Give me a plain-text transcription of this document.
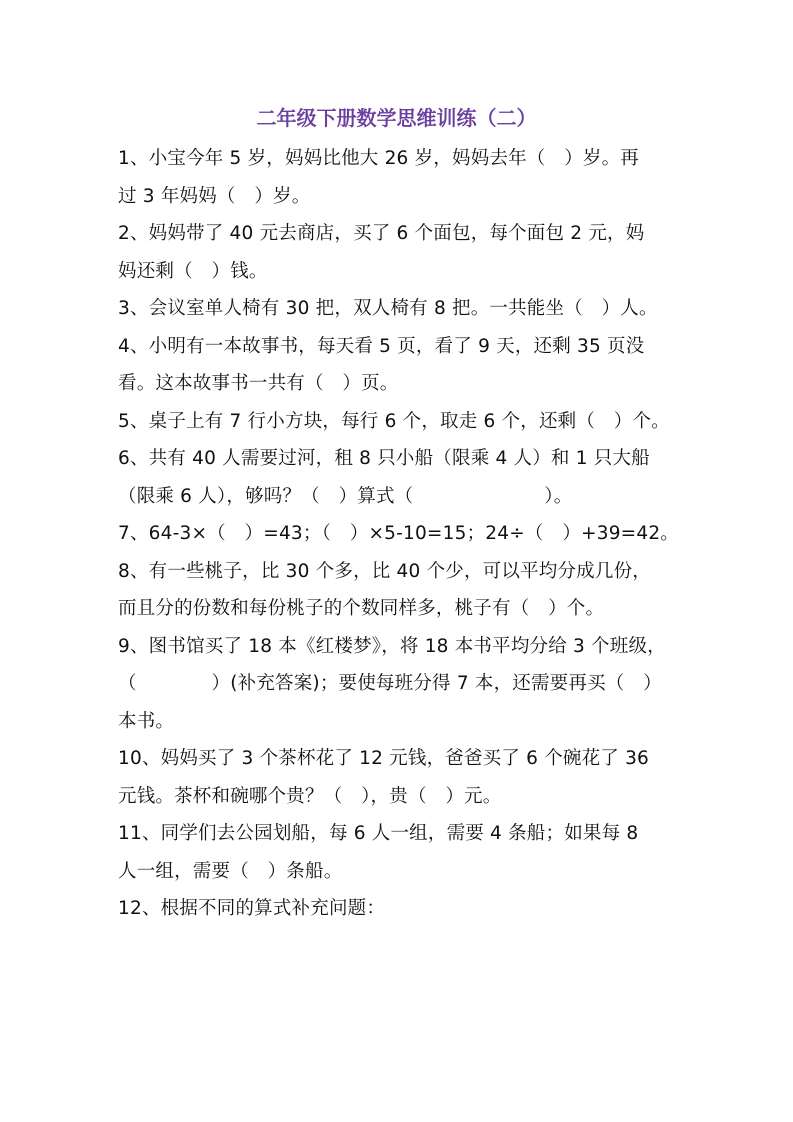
二年级下册数学思维训练（二）
1、小宝今年 5 岁，妈妈比他大 26 岁，妈妈去年（　）岁。再
过 3 年妈妈（　）岁。
2、妈妈带了 40 元去商店，买了 6 个面包，每个面包 2 元，妈
妈还剩（　）钱。
3、会议室单人椅有 30 把，双人椅有 8 把。一共能坐（　）人。
4、小明有一本故事书，每天看 5 页，看了 9 天，还剩 35 页没
看。这本故事书一共有（　）页。
5、桌子上有 7 行小方块，每行 6 个，取走 6 个，还剩（　）个。
6、共有 40 人需要过河，租 8 只小船（限乘 4 人）和 1 只大船
（限乘 6 人），够吗？（　）算式（　　　　　　　）。
7、64-3×（　）=43；（　）×5-10=15；24÷（　）+39=42。
8、有一些桃子，比 30 个多，比 40 个少，可以平均分成几份，
而且分的份数和每份桃子的个数同样多，桃子有（　）个。
9、图书馆买了 18 本《红楼梦》，将 18 本书平均分给 3 个班级，
（　　　　）(补充答案)；要使每班分得 7 本，还需要再买（　）
本书。
10、妈妈买了 3 个茶杯花了 12 元钱，爸爸买了 6 个碗花了 36
元钱。茶杯和碗哪个贵？（　），贵（　）元。
11、同学们去公园划船，每 6 人一组，需要 4 条船；如果每 8
人一组，需要（　）条船。
12、根据不同的算式补充问题：
